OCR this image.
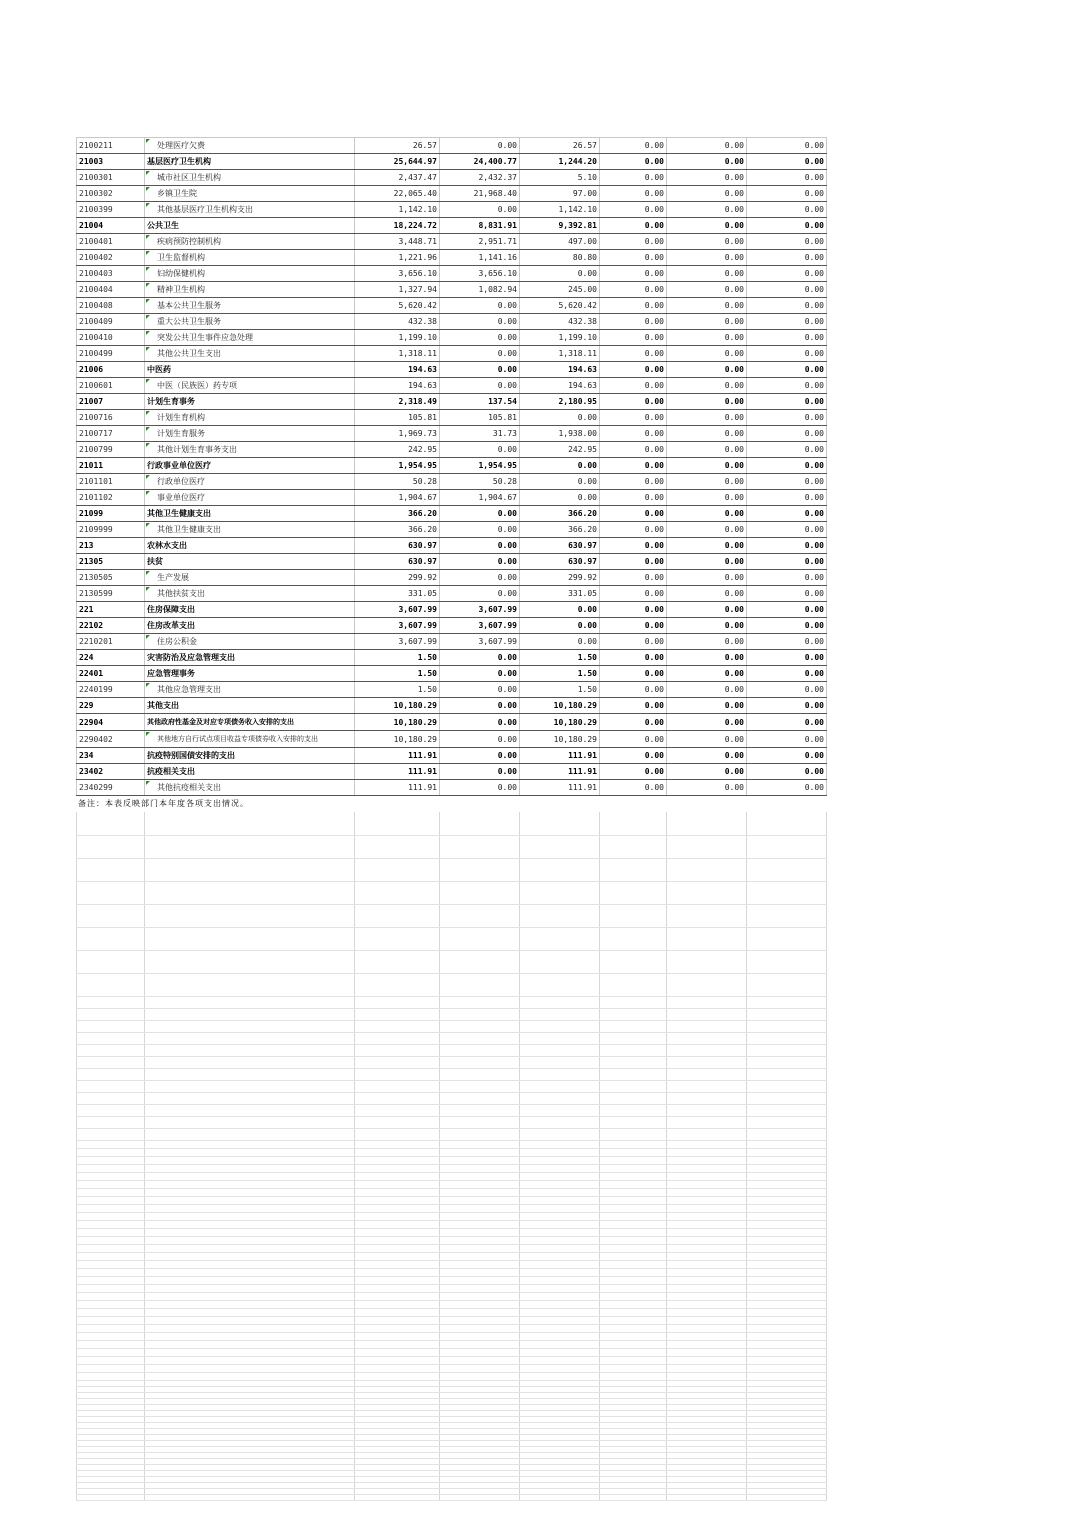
2100211	处理医疗欠费	26.57	0.00	26.57	0.00	0.00	0.00
21003	基层医疗卫生机构	25,644.97	24,400.77	1,244.20	0.00	0.00	0.00
2100301	城市社区卫生机构	2,437.47	2,432.37	5.10	0.00	0.00	0.00
2100302	乡镇卫生院	22,065.40	21,968.40	97.00	0.00	0.00	0.00
2100399	其他基层医疗卫生机构支出	1,142.10	0.00	1,142.10	0.00	0.00	0.00
21004	公共卫生	18,224.72	8,831.91	9,392.81	0.00	0.00	0.00
2100401	疾病预防控制机构	3,448.71	2,951.71	497.00	0.00	0.00	0.00
2100402	卫生监督机构	1,221.96	1,141.16	80.80	0.00	0.00	0.00
2100403	妇幼保健机构	3,656.10	3,656.10	0.00	0.00	0.00	0.00
2100404	精神卫生机构	1,327.94	1,082.94	245.00	0.00	0.00	0.00
2100408	基本公共卫生服务	5,620.42	0.00	5,620.42	0.00	0.00	0.00
2100409	重大公共卫生服务	432.38	0.00	432.38	0.00	0.00	0.00
2100410	突发公共卫生事件应急处理	1,199.10	0.00	1,199.10	0.00	0.00	0.00
2100499	其他公共卫生支出	1,318.11	0.00	1,318.11	0.00	0.00	0.00
21006	中医药	194.63	0.00	194.63	0.00	0.00	0.00
2100601	中医（民族医）药专项	194.63	0.00	194.63	0.00	0.00	0.00
21007	计划生育事务	2,318.49	137.54	2,180.95	0.00	0.00	0.00
2100716	计划生育机构	105.81	105.81	0.00	0.00	0.00	0.00
2100717	计划生育服务	1,969.73	31.73	1,938.00	0.00	0.00	0.00
2100799	其他计划生育事务支出	242.95	0.00	242.95	0.00	0.00	0.00
21011	行政事业单位医疗	1,954.95	1,954.95	0.00	0.00	0.00	0.00
2101101	行政单位医疗	50.28	50.28	0.00	0.00	0.00	0.00
2101102	事业单位医疗	1,904.67	1,904.67	0.00	0.00	0.00	0.00
21099	其他卫生健康支出	366.20	0.00	366.20	0.00	0.00	0.00
2109999	其他卫生健康支出	366.20	0.00	366.20	0.00	0.00	0.00
213	农林水支出	630.97	0.00	630.97	0.00	0.00	0.00
21305	扶贫	630.97	0.00	630.97	0.00	0.00	0.00
2130505	生产发展	299.92	0.00	299.92	0.00	0.00	0.00
2130599	其他扶贫支出	331.05	0.00	331.05	0.00	0.00	0.00
221	住房保障支出	3,607.99	3,607.99	0.00	0.00	0.00	0.00
22102	住房改革支出	3,607.99	3,607.99	0.00	0.00	0.00	0.00
2210201	住房公积金	3,607.99	3,607.99	0.00	0.00	0.00	0.00
224	灾害防治及应急管理支出	1.50	0.00	1.50	0.00	0.00	0.00
22401	应急管理事务	1.50	0.00	1.50	0.00	0.00	0.00
2240199	其他应急管理支出	1.50	0.00	1.50	0.00	0.00	0.00
229	其他支出	10,180.29	0.00	10,180.29	0.00	0.00	0.00
22904	其他政府性基金及对应专项债务收入安排的支出	10,180.29	0.00	10,180.29	0.00	0.00	0.00
2290402	其他地方自行试点项目收益专项债券收入安排的支出	10,180.29	0.00	10,180.29	0.00	0.00	0.00
234	抗疫特别国债安排的支出	111.91	0.00	111.91	0.00	0.00	0.00
23402	抗疫相关支出	111.91	0.00	111.91	0.00	0.00	0.00
2340299	其他抗疫相关支出	111.91	0.00	111.91	0.00	0.00	0.00
备注：本表反映部门本年度各项支出情况。
